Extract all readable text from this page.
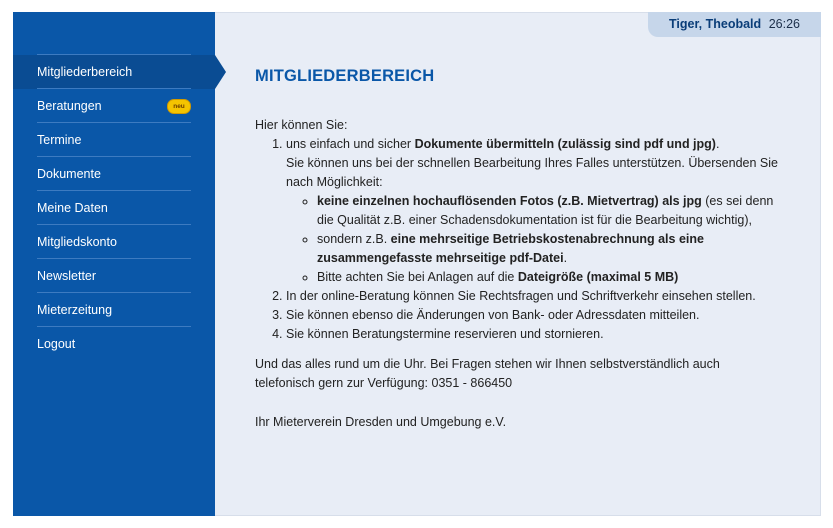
Tiger, Theobald 26:26
Mitgliederbereich
Beratungen	neu
Termine
Dokumente
Meine Daten
Mitgliedskonto
Newsletter
Mieterzeitung
Logout
MITGLIEDERBEREICH

Hier können Sie:

1. uns einfach und sicher Dokumente übermitteln (zulässig sind pdf und jpg).
Sie können uns bei der schnellen Bearbeitung Ihres Falles unterstützen. Übersenden Sie nach Möglichkeit:
◦ keine einzelnen hochauflösenden Fotos (z.B. Mietvertrag) als jpg (es sei denn die Qualität z.B. einer Schadensdokumentation ist für die Bearbeitung wichtig),
◦ sondern z.B. eine mehrseitige Betriebskostenabrechnung als eine zusammengefasste mehrseitige pdf-Datei.
◦ Bitte achten Sie bei Anlagen auf die Dateigröße (maximal 5 MB)
2. In der online-Beratung können Sie Rechtsfragen und Schriftverkehr einsehen stellen.
3. Sie können ebenso die Änderungen von Bank- oder Adressdaten mitteilen.
4. Sie können Beratungstermine reservieren und stornieren.

Und das alles rund um die Uhr. Bei Fragen stehen wir Ihnen selbstverständlich auch telefonisch gern zur Verfügung: 0351 - 866450

Ihr Mieterverein Dresden und Umgebung e.V.
